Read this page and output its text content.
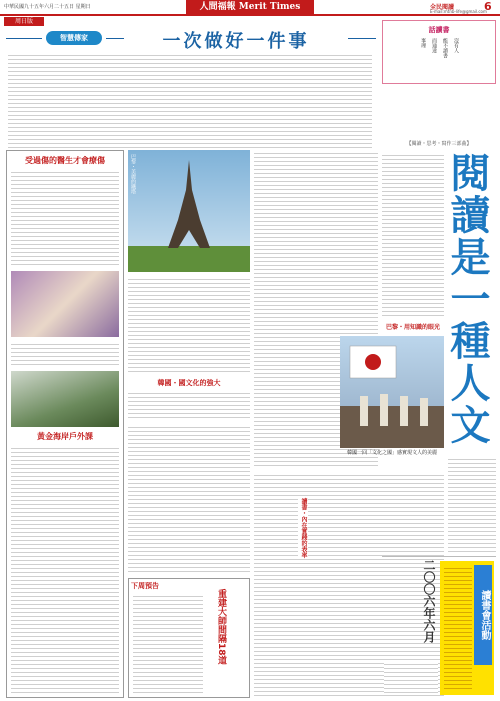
中華民國九十五年六月二十五日 星期日	人間福報 Merit Times	全民閱讀	6
E-mail:mtnb-life@gmail.com
周日版
智慧傳家	一次做好一件事
話讀書
沒有人
能不讀書
而通達
事理
受過傷的醫生才會療傷
黃金海岸戶外課
巴黎・美麗的鐵塔
韓國・國文化的強大
下周預告
重建大師間隔18道
【閱讀・思考・寫作三部曲】
閱讀是一種人文
巴黎・用知識的眼光
韓國一回「文化之國」感實現文人的美麗
讀書・內在實踐的表率
二〇〇六年六月	讀書會活動
